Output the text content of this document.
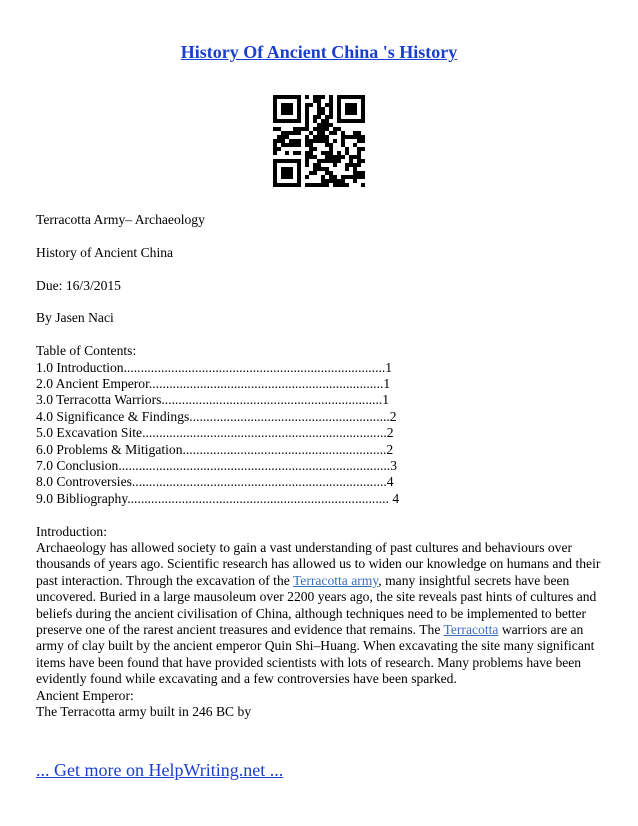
History Of Ancient China 's History

Terracotta Army– Archaeology

History of Ancient China

Due: 16/3/2015

By Jasen Naci

Table of Contents:
1.0 Introduction.............................................................................1
2.0 Ancient Emperor.....................................................................1
3.0 Terracotta Warriors.................................................................1
4.0 Significance & Findings...........................................................2
5.0 Excavation Site........................................................................2
6.0 Problems & Mitigation............................................................2
7.0 Conclusion................................................................................3
8.0 Controversies...........................................................................4
9.0 Bibliography............................................................................. 4
Introduction:

Archaeology has allowed society to gain a vast understanding of past cultures and behaviours over thousands of years ago. Scientific research has allowed us to widen our knowledge on humans and their past interaction. Through the excavation of the Terracotta army, many insightful secrets have been uncovered. Buried in a large mausoleum over 2200 years ago, the site reveals past hints of cultures and beliefs during the ancient civilisation of China, although techniques need to be implemented to better preserve one of the rarest ancient treasures and evidence that remains. The Terracotta warriors are an army of clay built by the ancient emperor Quin Shi–Huang. When excavating the site many significant items have been found that have provided scientists with lots of research. Many problems have been evidently found while excavating and a few controversies have been sparked.

Ancient Emperor:

The Terracotta army built in 246 BC by

... Get more on HelpWriting.net ...
